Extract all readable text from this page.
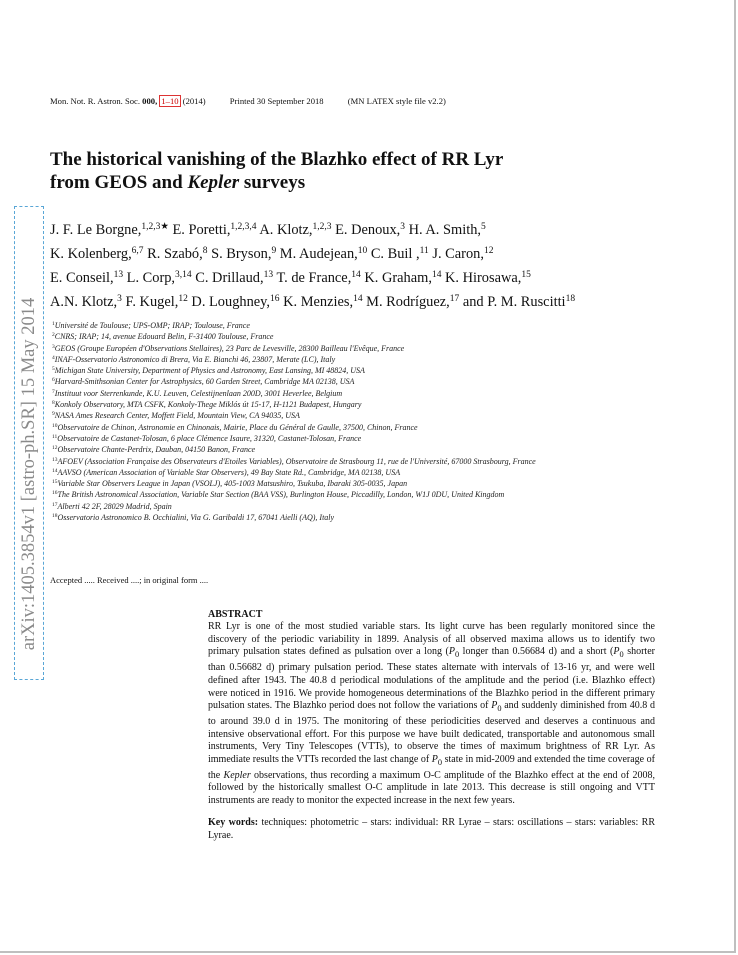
Mon. Not. R. Astron. Soc. 000, 1–10 (2014)	Printed 30 September 2018	(MN LATEX style file v2.2)
The historical vanishing of the Blazhko effect of RR Lyr
from GEOS and Kepler surveys
arXiv:1405.3854v1 [astro-ph.SR] 15 May 2014
J. F. Le Borgne,$^{1,2,3★}$ E. Poretti,$^{1,2,3,4}$ A. Klotz,$^{1,2,3}$ E. Denoux,$^3$ H. A. Smith,$^5$
K. Kolenberg,$^{6,7}$ R. Szabó,$^8$ S. Bryson,$^9$ M. Audejean,$^{10}$ C. Buil ,$^{11}$ J. Caron,$^{12}$
E. Conseil,$^{13}$ L. Corp,$^{3,14}$ C. Drillaud,$^{13}$ T. de France,$^{14}$ K. Graham,$^{14}$ K. Hirosawa,$^{15}$
A.N. Klotz,$^3$ F. Kugel,$^{12}$ D. Loughney,$^{16}$ K. Menzies,$^{14}$ M. Rodríguez,$^{17}$ and P. M. Ruscitti$^{18}$
$^1$Université de Toulouse; UPS-OMP; IRAP; Toulouse, France
$^2$CNRS; IRAP; 14, avenue Edouard Belin, F-31400 Toulouse, France
$^3$GEOS (Groupe Européen d'Observations Stellaires), 23 Parc de Levesville, 28300 Bailleau l'Evêque, France
$^4$INAF-Osservatorio Astronomico di Brera, Via E. Bianchi 46, 23807, Merate (LC), Italy
$^5$Michigan State University, Department of Physics and Astronomy, East Lansing, MI 48824, USA
$^6$Harvard-Smithsonian Center for Astrophysics, 60 Garden Street, Cambridge MA 02138, USA
$^7$Instituut voor Sterrenkunde, K.U. Leuven, Celestijnenlaan 200D, 3001 Heverlee, Belgium
$^8$Konkoly Observatory, MTA CSFK, Konkoly-Thege Miklós út 15-17, H-1121 Budapest, Hungary
$^9$NASA Ames Research Center, Moffett Field, Mountain View, CA 94035, USA
$^{10}$Observatoire de Chinon, Astronomie en Chinonais, Mairie, Place du Général de Gaulle, 37500, Chinon, France
$^{11}$Observatoire de Castanet-Tolosan, 6 place Clémence Isaure, 31320, Castanet-Tolosan, France
$^{12}$Observatoire Chante-Perdrix, Dauban, 04150 Banon, France
$^{13}$AFOEV (Association Française des Observateurs d'Etoiles Variables), Observatoire de Strasbourg 11, rue de l'Université, 67000 Strasbourg, France
$^{14}$AAVSO (American Association of Variable Star Observers), 49 Bay State Rd., Cambridge, MA 02138, USA
$^{15}$Variable Star Observers League in Japan (VSOLJ), 405-1003 Matsushiro, Tsukuba, Ibaraki 305-0035, Japan
$^{16}$The British Astronomical Association, Variable Star Section (BAA VSS), Burlington House, Piccadilly, London, W1J 0DU, United Kingdom
$^{17}$Alberti 42 2F, 28029 Madrid, Spain
$^{18}$Osservatorio Astronomico B. Occhialini, Via G. Garibaldi 17, 67041 Aielli (AQ), Italy
Accepted ..... Received ....; in original form ....
ABSTRACT

RR Lyr is one of the most studied variable stars. Its light curve has been regularly monitored since the discovery of the periodic variability in 1899. Analysis of all observed maxima allows us to identify two primary pulsation states defined as pulsation over a long ($P_0$ longer than 0.56684 d) and a short ($P_0$ shorter than 0.56682 d) primary pulsation period. These states alternate with intervals of 13-16 yr, and were well defined after 1943. The 40.8 d periodical modulations of the amplitude and the period (i.e. Blazhko effect) were noticed in 1916. We provide homogeneous determinations of the Blazhko period in the different primary pulsation states. The Blazhko period does not follow the variations of $P_0$ and suddenly diminished from 40.8 d to around 39.0 d in 1975. The monitoring of these periodicities deserved and deserves a continuous and intensive observational effort. For this purpose we have built dedicated, transportable and autonomous small instruments, Very Tiny Telescopes (VTTs), to observe the times of maximum brightness of RR Lyr. As immediate results the VTTs recorded the last change of $P_0$ state in mid-2009 and extended the time coverage of the Kepler observations, thus recording a maximum O-C amplitude of the Blazhko effect at the end of 2008, followed by the historically smallest O-C amplitude in late 2013. This decrease is still ongoing and VTT instruments are ready to monitor the expected increase in the next few years.

Key words: techniques: photometric – stars: individual: RR Lyrae – stars: oscillations – stars: variables: RR Lyrae.
